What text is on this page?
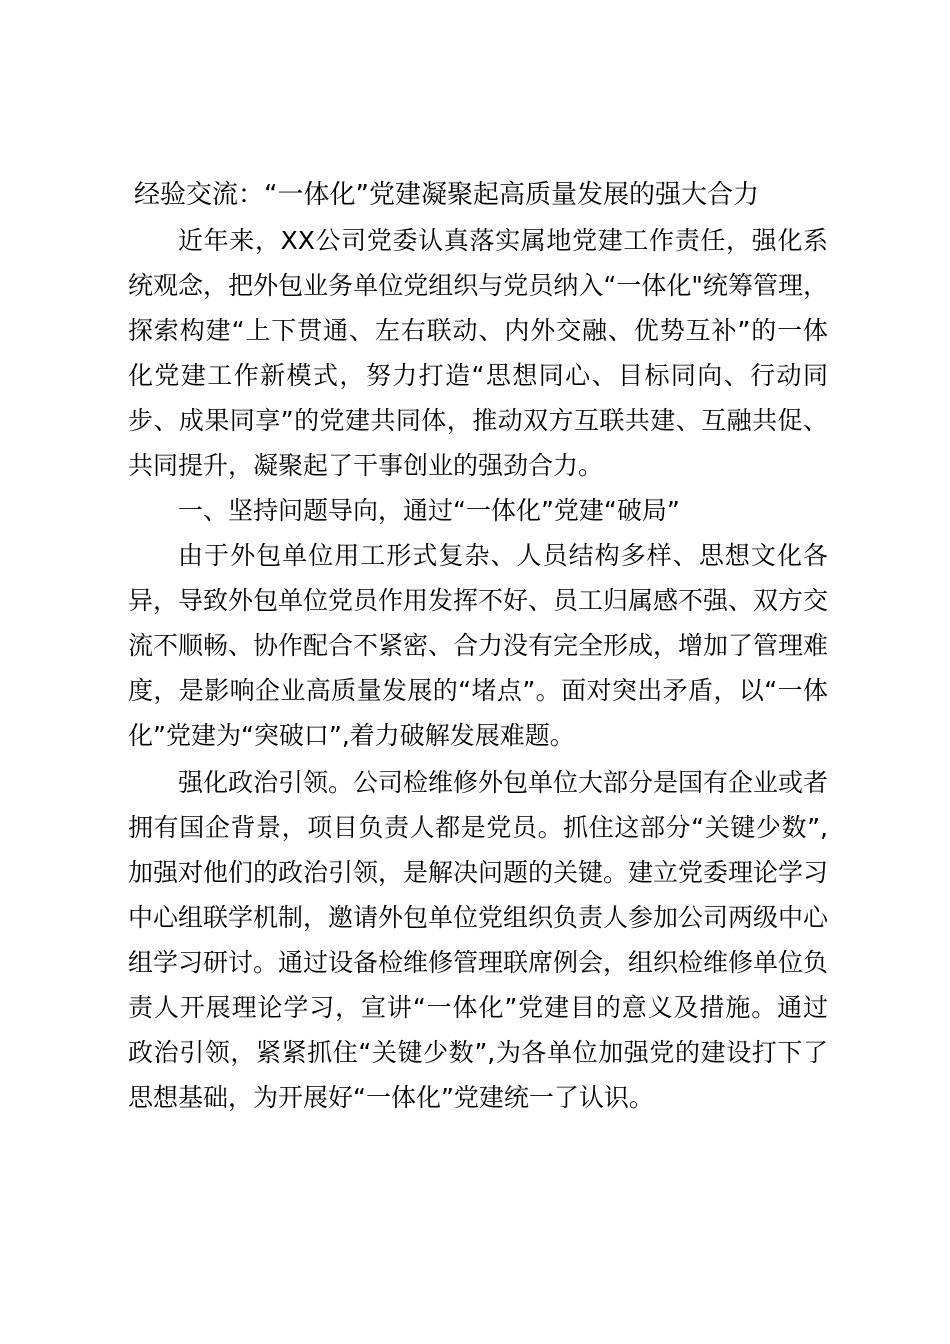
经验交流：“一体化”党建凝聚起高质量发展的强大合力

近年来，XX公司党委认真落实属地党建工作责任，强化系统观念，把外包业务单位党组织与党员纳入“一体化"统筹管理，探索构建“上下贯通、左右联动、内外交融、优势互补”的一体化党建工作新模式，努力打造“思想同心、目标同向、行动同步、成果同享”的党建共同体，推动双方互联共建、互融共促、共同提升，凝聚起了干事创业的强劲合力。

一、坚持问题导向，通过“一体化”党建“破局”

由于外包单位用工形式复杂、人员结构多样、思想文化各异，导致外包单位党员作用发挥不好、员工归属感不强、双方交流不顺畅、协作配合不紧密、合力没有完全形成，增加了管理难度，是影响企业高质量发展的“堵点”。面对突出矛盾，以“一体化”党建为“突破口”,着力破解发展难题。

强化政治引领。公司检维修外包单位大部分是国有企业或者拥有国企背景，项目负责人都是党员。抓住这部分“关键少数”,加强对他们的政治引领，是解决问题的关键。建立党委理论学习中心组联学机制，邀请外包单位党组织负责人参加公司两级中心组学习研讨。通过设备检维修管理联席例会，组织检维修单位负责人开展理论学习，宣讲“一体化”党建目的意义及措施。通过政治引领，紧紧抓住“关键少数”,为各单位加强党的建设打下了思想基础，为开展好“一体化”党建统一了认识。
